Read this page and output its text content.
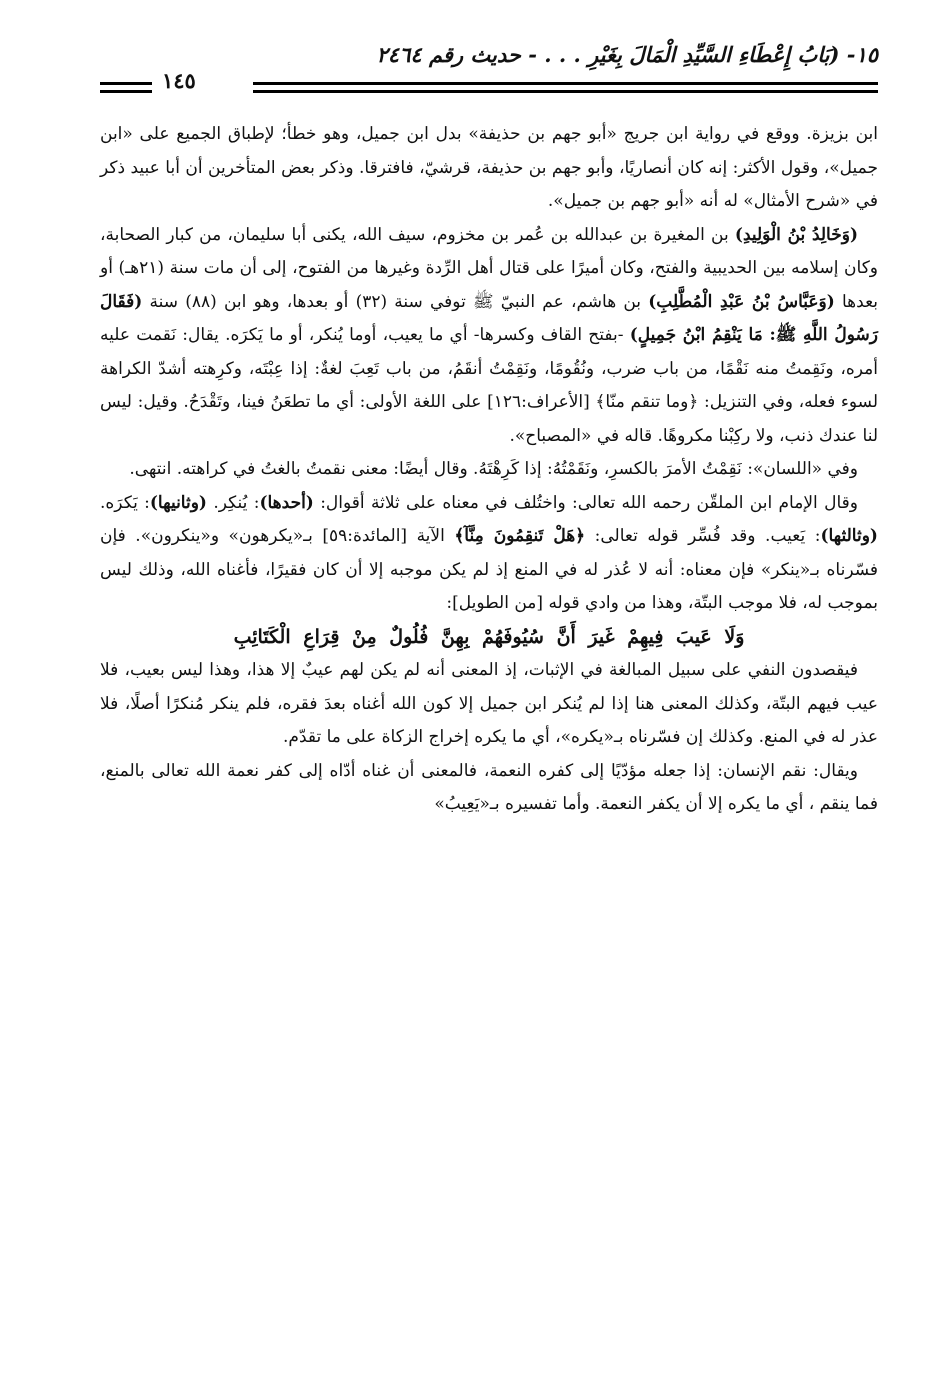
١٥- (بَابُ إِعْطَاءِ السَّيِّدِ الْمَالَ بِغَيْرِ . . . - حديث رقم ٢٤٦٤
١٤٥

ابن بزيزة. ووقع في رواية ابن جريج «أبو جهم بن حذيفة» بدل ابن جميل، وهو خطأ؛ لإطباق الجميع على «ابن جميل»، وقول الأكثر: إنه كان أنصاريًا، وأبو جهم بن حذيفة، قرشيّ، فافترقا. وذكر بعض المتأخرين أن أبا عبيد ذكر في «شرح الأمثال» له أنه «أبو جهم بن جميل».

(وَخَالِدُ بْنُ الْوَلِيدِ) بن المغيرة بن عبدالله بن عُمر بن مخزوم، سيف الله، يكنى أبا سليمان، من كبار الصحابة، وكان إسلامه بين الحديبية والفتح، وكان أميرًا على قتال أهل الرِّدة وغيرها من الفتوح، إلى أن مات سنة (٢١هـ) أو بعدها (وَعَبَّاسُ بْنُ عَبْدِ الْمُطَّلِبِ) بن هاشم، عم النبيّ ﷺ توفي سنة (٣٢) أو بعدها، وهو ابن (٨٨) سنة (فَقَالَ رَسُولُ اللَّهِ ﷺ: مَا يَنْقِمُ ابْنُ جَمِيلٍ) -بفتح القاف وكسرها- أي ما يعيب، أوما يُنكر، أو ما يَكرَه. يقال: نَقمت عليه أمره، ونَقِمتُ منه نَقْمًا، من باب ضرب، ونُقُومًا، ونَقِمْتُ أنقَمُ، من باب تَعِبَ لغةٌ: إذا عِبْتَه، وكرِهته أشدّ الكراهة لسوء فعله، وفي التنزيل: ﴿وما تنقم منّا﴾ [الأعراف:١٢٦] على اللغة الأولى: أي ما تطعَنُ فينا، وتَقْدَحُ. وقيل: ليس لنا عندك ذنب، ولا ركِبْنا مكروهًا. قاله في «المصباح».

وفي «اللسان»: نَقِمْتُ الأمرَ بالكسرِ، ونَقَمْتُهُ: إذا كَرِهْتَهُ. وقال أيضًا: معنى نقمتُ بالغتُ في كراهته. انتهى.

وقال الإمام ابن الملقّن رحمه الله تعالى: واختُلف في معناه على ثلاثة أقوال: (أحدها): يُنكِر. (وثانيها): يَكرَه. (وثالثها): يَعيب. وقد فُسِّر قوله تعالى: ﴿هَلْ تَنقِمُونَ مِنَّآ﴾ الآية [المائدة:٥٩] بـ«يكرهون» و«ينكرون». فإن فسّرناه بـ«ينكر» فإن معناه: أنه لا عُذر له في المنع إذ لم يكن موجبه إلا أن كان فقيرًا، فأغناه الله، وذلك ليس بموجب له، فلا موجب البتّة، وهذا من وادي قوله [من الطويل]:

وَلَا عَيبَ فِيهِمْ غَيرَ أَنَّ سُيُوفَهُمْ بِهِنَّ فُلُولٌ مِنْ قِرَاعِ الْكَتَائِبِ

فيقصدون النفي على سبيل المبالغة في الإثبات، إذ المعنى أنه لم يكن لهم عيبٌ إلا هذا، وهذا ليس بعيب، فلا عيب فيهم البتّة، وكذلك المعنى هنا إذا لم يُنكر ابن جميل إلا كون الله أغناه بعدَ فقره، فلم ينكر مُنكرًا أصلًا، فلا عذر له في المنع. وكذلك إن فسّرناه بـ«يكره»، أي ما يكره إخراج الزكاة على ما تقدّم.

ويقال: نقم الإنسان: إذا جعله مؤدّيًا إلى كفره النعمة، فالمعنى أن غناه أدّاه إلى كفر نعمة الله تعالى بالمنع، فما ينقم ، أي ما يكره إلا أن يكفر النعمة. وأما تفسيره بـ«يَعِيبُ»
